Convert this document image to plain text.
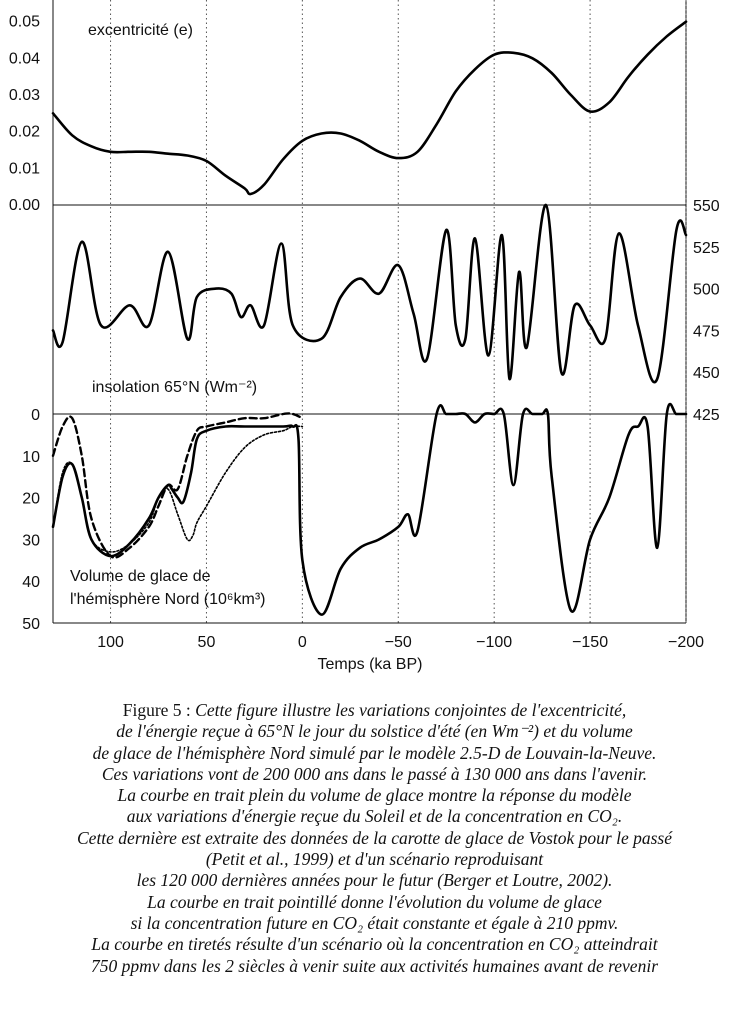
0.00
0.01
0.02
0.03
0.04
0.05
425
450
475
500
525
550
0
10
20
30
40
50
100	50	0	−50	−100	−150	−200
excentricité (e)
insolation 65°N (Wm⁻²)
Volume de glace de
l'hémisphère Nord (10⁶km³)
Temps (ka BP)
Figure 5 : Cette figure illustre les variations conjointes de l'excentricité,
de l'énergie reçue à 65°N le jour du solstice d'été (en Wm⁻²) et du volume
de glace de l'hémisphère Nord simulé par le modèle 2.5-D de Louvain-la-Neuve.
Ces variations vont de 200 000 ans dans le passé à 130 000 ans dans l'avenir.
La courbe en trait plein du volume de glace montre la réponse du modèle
aux variations d'énergie reçue du Soleil et de la concentration en CO₂.
Cette dernière est extraite des données de la carotte de glace de Vostok pour le passé
(Petit et al., 1999) et d'un scénario reproduisant
les 120 000 dernières années pour le futur (Berger et Loutre, 2002).
La courbe en trait pointillé donne l'évolution du volume de glace
si la concentration future en CO₂ était constante et égale à 210 ppmv.
La courbe en tiretés résulte d'un scénario où la concentration en CO₂ atteindrait
750 ppmv dans les 2 siècles à venir suite aux activités humaines avant de revenir
